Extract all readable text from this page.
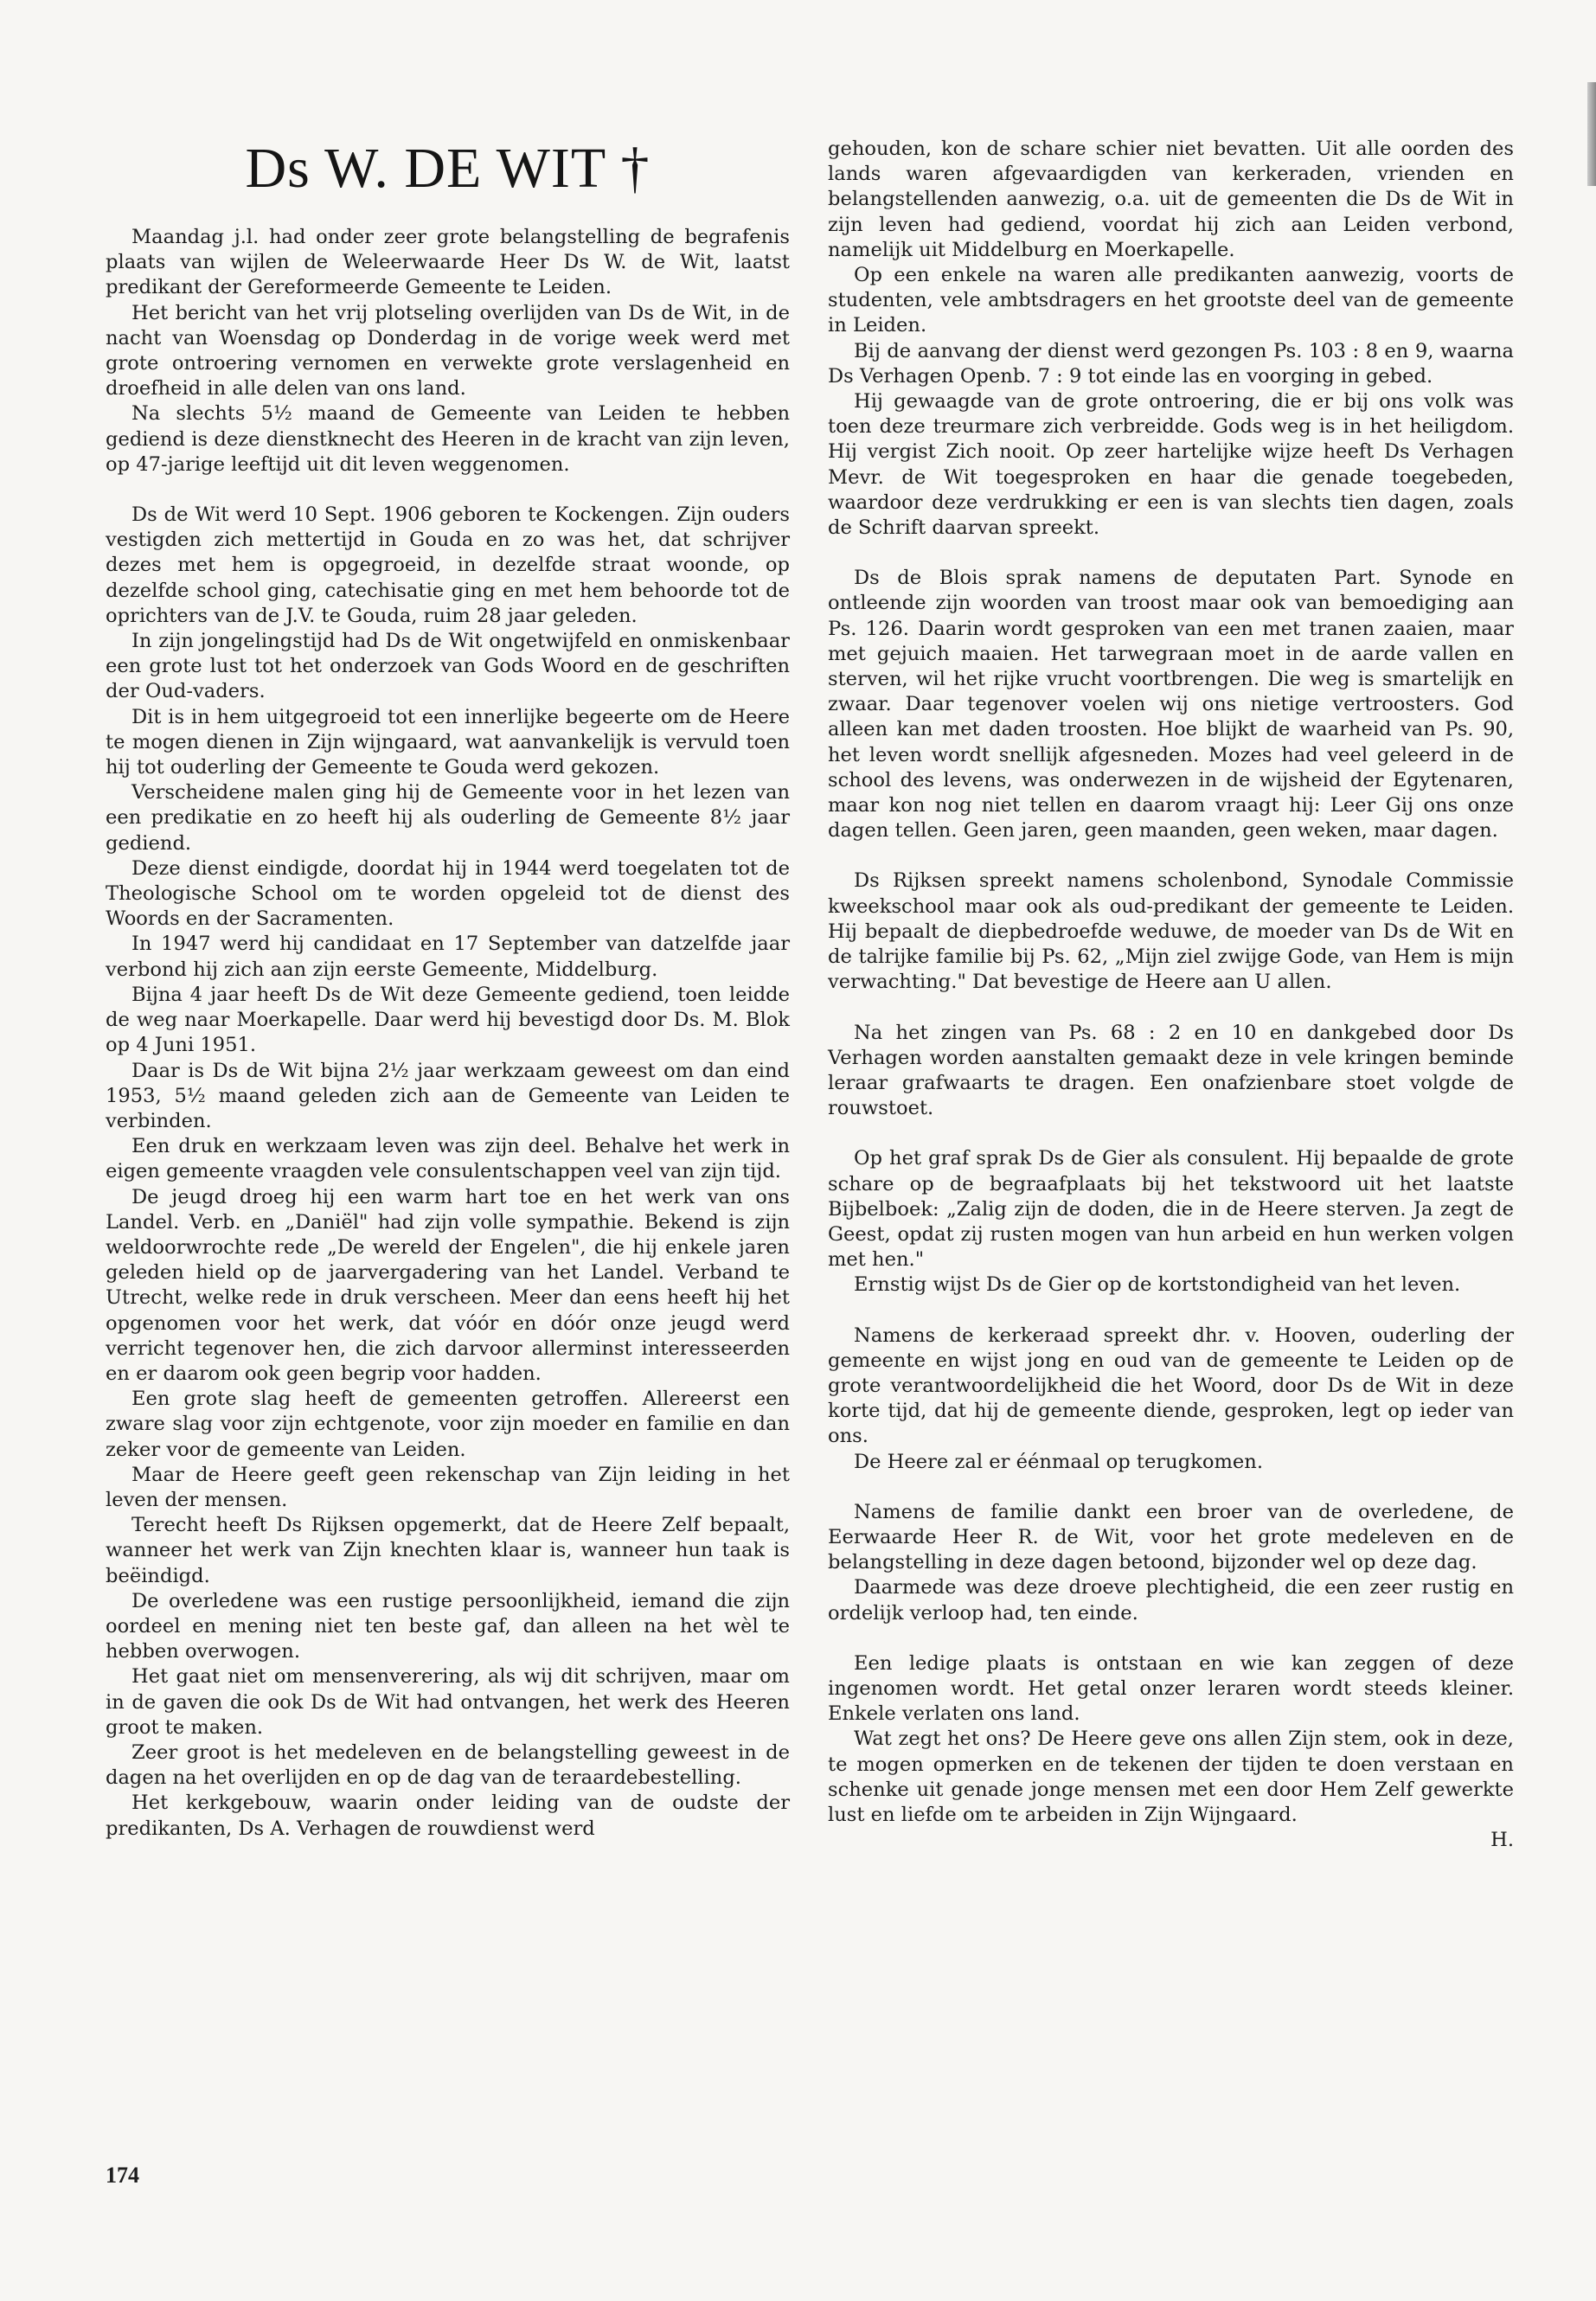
Ds W. DE WIT †

Maandag j.l. had onder zeer grote belangstelling de begrafenis plaats van wijlen de Weleerwaarde Heer Ds W. de Wit, laatst predikant der Gereformeerde Gemeente te Leiden.

Het bericht van het vrij plotseling overlijden van Ds de Wit, in de nacht van Woensdag op Donderdag in de vorige week werd met grote ontroering vernomen en verwekte grote verslagenheid en droefheid in alle delen van ons land.

Na slechts 5½ maand de Gemeente van Leiden te hebben gediend is deze dienstknecht des Heeren in de kracht van zijn leven, op 47-jarige leeftijd uit dit leven weggenomen.

Ds de Wit werd 10 Sept. 1906 geboren te Kockengen. Zijn ouders vestigden zich mettertijd in Gouda en zo was het, dat schrijver dezes met hem is opgegroeid, in dezelfde straat woonde, op dezelfde school ging, catechisatie ging en met hem behoorde tot de oprichters van de J.V. te Gouda, ruim 28 jaar geleden.

In zijn jongelingstijd had Ds de Wit ongetwijfeld en onmiskenbaar een grote lust tot het onderzoek van Gods Woord en de geschriften der Oud-vaders.

Dit is in hem uitgegroeid tot een innerlijke begeerte om de Heere te mogen dienen in Zijn wijngaard, wat aanvankelijk is vervuld toen hij tot ouderling der Gemeente te Gouda werd gekozen.

Verscheidene malen ging hij de Gemeente voor in het lezen van een predikatie en zo heeft hij als ouderling de Gemeente 8½ jaar gediend.

Deze dienst eindigde, doordat hij in 1944 werd toegelaten tot de Theologische School om te worden opgeleid tot de dienst des Woords en der Sacramenten.

In 1947 werd hij candidaat en 17 September van datzelfde jaar verbond hij zich aan zijn eerste Gemeente, Middelburg.

Bijna 4 jaar heeft Ds de Wit deze Gemeente gediend, toen leidde de weg naar Moerkapelle. Daar werd hij bevestigd door Ds. M. Blok op 4 Juni 1951.

Daar is Ds de Wit bijna 2½ jaar werkzaam geweest om dan eind 1953, 5½ maand geleden zich aan de Gemeente van Leiden te verbinden.

Een druk en werkzaam leven was zijn deel. Behalve het werk in eigen gemeente vraagden vele consulentschappen veel van zijn tijd.

De jeugd droeg hij een warm hart toe en het werk van ons Landel. Verb. en „Daniël" had zijn volle sympathie. Bekend is zijn weldoorwrochte rede „De wereld der Engelen", die hij enkele jaren geleden hield op de jaarvergadering van het Landel. Verband te Utrecht, welke rede in druk verscheen. Meer dan eens heeft hij het opgenomen voor het werk, dat vóór en dóór onze jeugd werd verricht tegenover hen, die zich darvoor allerminst interesseerden en er daarom ook geen begrip voor hadden.

Een grote slag heeft de gemeenten getroffen. Allereerst een zware slag voor zijn echtgenote, voor zijn moeder en familie en dan zeker voor de gemeente van Leiden.

Maar de Heere geeft geen rekenschap van Zijn leiding in het leven der mensen.

Terecht heeft Ds Rijksen opgemerkt, dat de Heere Zelf bepaalt, wanneer het werk van Zijn knechten klaar is, wanneer hun taak is beëindigd.

De overledene was een rustige persoonlijkheid, iemand die zijn oordeel en mening niet ten beste gaf, dan alleen na het wèl te hebben overwogen.

Het gaat niet om mensenverering, als wij dit schrijven, maar om in de gaven die ook Ds de Wit had ontvangen, het werk des Heeren groot te maken.

Zeer groot is het medeleven en de belangstelling geweest in de dagen na het overlijden en op de dag van de teraardebestelling.

Het kerkgebouw, waarin onder leiding van de oudste der predikanten, Ds A. Verhagen de rouwdienst werd

gehouden, kon de schare schier niet bevatten. Uit alle oorden des lands waren afgevaardigden van kerkeraden, vrienden en belangstellenden aanwezig, o.a. uit de gemeenten die Ds de Wit in zijn leven had gediend, voordat hij zich aan Leiden verbond, namelijk uit Middelburg en Moerkapelle.

Op een enkele na waren alle predikanten aanwezig, voorts de studenten, vele ambtsdragers en het grootste deel van de gemeente in Leiden.

Bij de aanvang der dienst werd gezongen Ps. 103 : 8 en 9, waarna Ds Verhagen Openb. 7 : 9 tot einde las en voorging in gebed.

Hij gewaagde van de grote ontroering, die er bij ons volk was toen deze treurmare zich verbreidde. Gods weg is in het heiligdom. Hij vergist Zich nooit. Op zeer hartelijke wijze heeft Ds Verhagen Mevr. de Wit toegesproken en haar die genade toegebeden, waardoor deze verdrukking er een is van slechts tien dagen, zoals de Schrift daarvan spreekt.

Ds de Blois sprak namens de deputaten Part. Synode en ontleende zijn woorden van troost maar ook van bemoediging aan Ps. 126. Daarin wordt gesproken van een met tranen zaaien, maar met gejuich maaien. Het tarwegraan moet in de aarde vallen en sterven, wil het rijke vrucht voortbrengen. Die weg is smartelijk en zwaar. Daar tegenover voelen wij ons nietige vertroosters. God alleen kan met daden troosten. Hoe blijkt de waarheid van Ps. 90, het leven wordt snellijk afgesneden. Mozes had veel geleerd in de school des levens, was onderwezen in de wijsheid der Egytenaren, maar kon nog niet tellen en daarom vraagt hij: Leer Gij ons onze dagen tellen. Geen jaren, geen maanden, geen weken, maar dagen.

Ds Rijksen spreekt namens scholenbond, Synodale Commissie kweekschool maar ook als oud-predikant der gemeente te Leiden. Hij bepaalt de diepbedroefde weduwe, de moeder van Ds de Wit en de talrijke familie bij Ps. 62, „Mijn ziel zwijge Gode, van Hem is mijn verwachting." Dat bevestige de Heere aan U allen.

Na het zingen van Ps. 68 : 2 en 10 en dankgebed door Ds Verhagen worden aanstalten gemaakt deze in vele kringen beminde leraar grafwaarts te dragen. Een onafzienbare stoet volgde de rouwstoet.

Op het graf sprak Ds de Gier als consulent. Hij bepaalde de grote schare op de begraafplaats bij het tekstwoord uit het laatste Bijbelboek: „Zalig zijn de doden, die in de Heere sterven. Ja zegt de Geest, opdat zij rusten mogen van hun arbeid en hun werken volgen met hen."

Ernstig wijst Ds de Gier op de kortstondigheid van het leven.

Namens de kerkeraad spreekt dhr. v. Hooven, ouderling der gemeente en wijst jong en oud van de gemeente te Leiden op de grote verantwoordelijkheid die het Woord, door Ds de Wit in deze korte tijd, dat hij de gemeente diende, gesproken, legt op ieder van ons.

De Heere zal er éénmaal op terugkomen.

Namens de familie dankt een broer van de overledene, de Eerwaarde Heer R. de Wit, voor het grote medeleven en de belangstelling in deze dagen betoond, bijzonder wel op deze dag.

Daarmede was deze droeve plechtigheid, die een zeer rustig en ordelijk verloop had, ten einde.

Een ledige plaats is ontstaan en wie kan zeggen of deze ingenomen wordt. Het getal onzer leraren wordt steeds kleiner. Enkele verlaten ons land.

Wat zegt het ons? De Heere geve ons allen Zijn stem, ook in deze, te mogen opmerken en de tekenen der tijden te doen verstaan en schenke uit genade jonge mensen met een door Hem Zelf gewerkte lust en liefde om te arbeiden in Zijn Wijngaard.

H.

174
